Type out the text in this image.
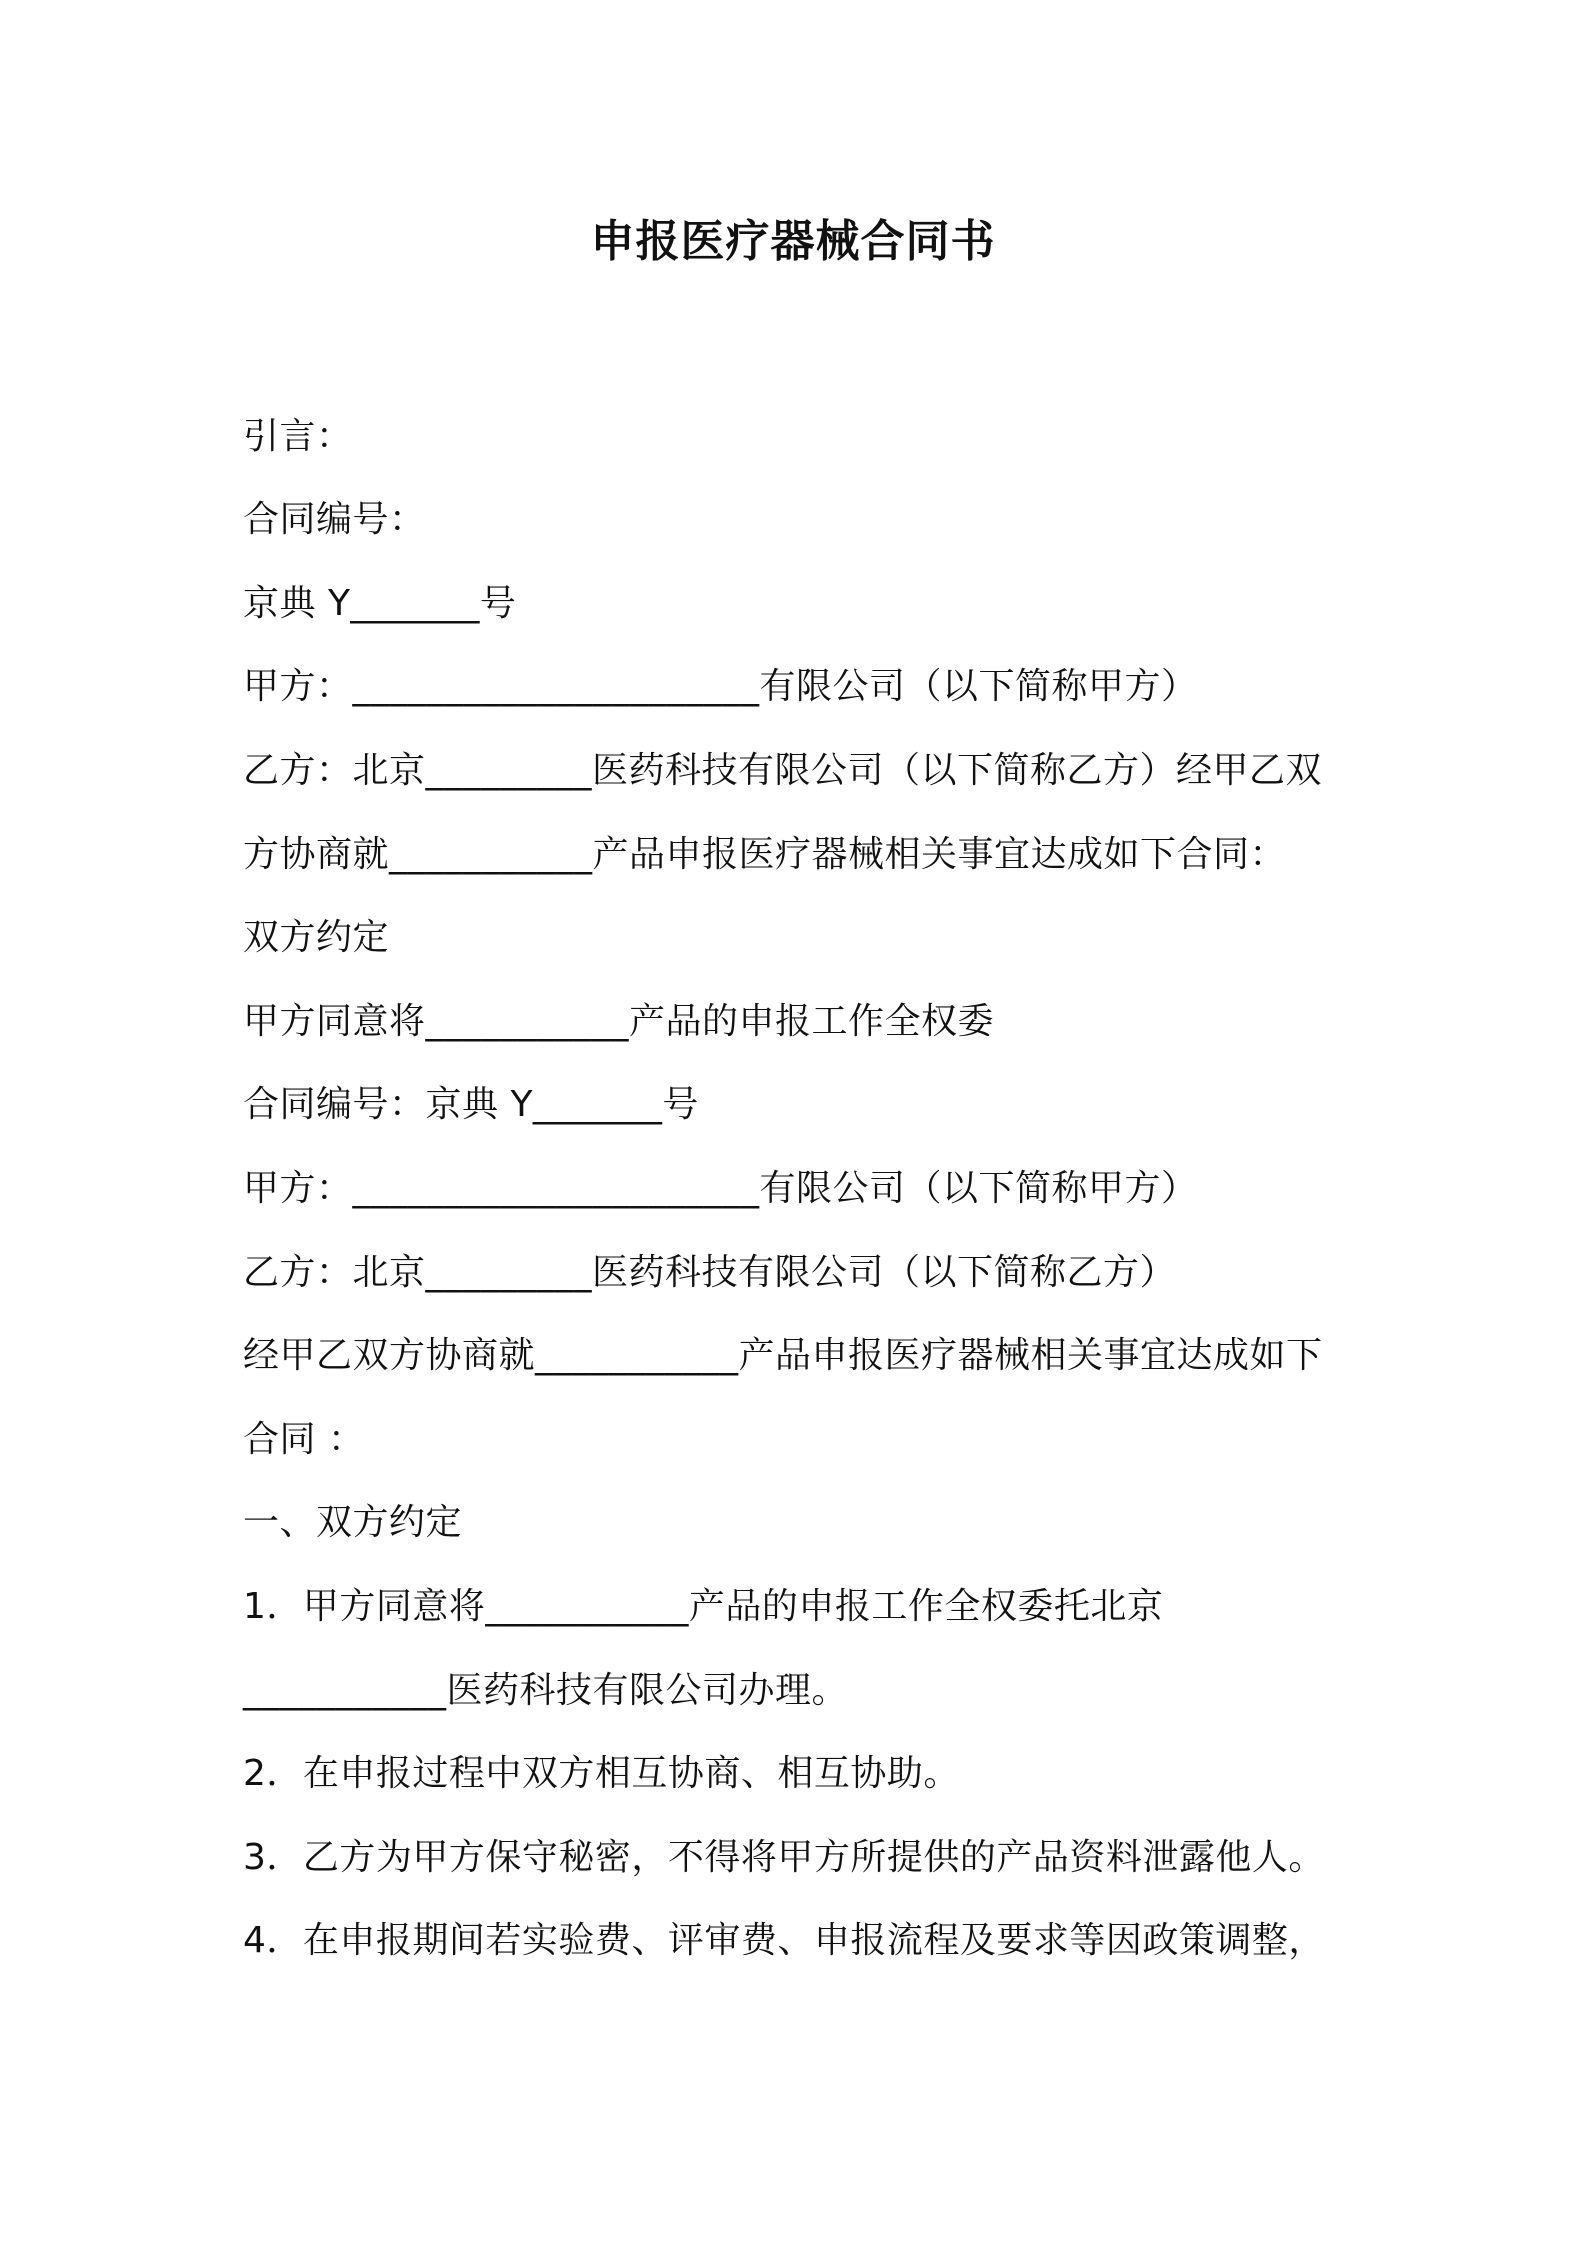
申报医疗器械合同书
引言：
合同编号：
京典 Y_______号
甲方：______________________有限公司（以下简称甲方）
乙方：北京_________医药科技有限公司（以下简称乙方）经甲乙双
方协商就___________产品申报医疗器械相关事宜达成如下合同：
双方约定
甲方同意将___________产品的申报工作全权委
合同编号：京典 Y_______号
甲方：______________________有限公司（以下简称甲方）
乙方：北京_________医药科技有限公司（以下简称乙方）
经甲乙双方协商就___________产品申报医疗器械相关事宜达成如下
合同 ：
一、双方约定
1．甲方同意将___________产品的申报工作全权委托北京
___________医药科技有限公司办理。
2．在申报过程中双方相互协商、相互协助。
3．乙方为甲方保守秘密，不得将甲方所提供的产品资料泄露他人。
4．在申报期间若实验费、评审费、申报流程及要求等因政策调整，
